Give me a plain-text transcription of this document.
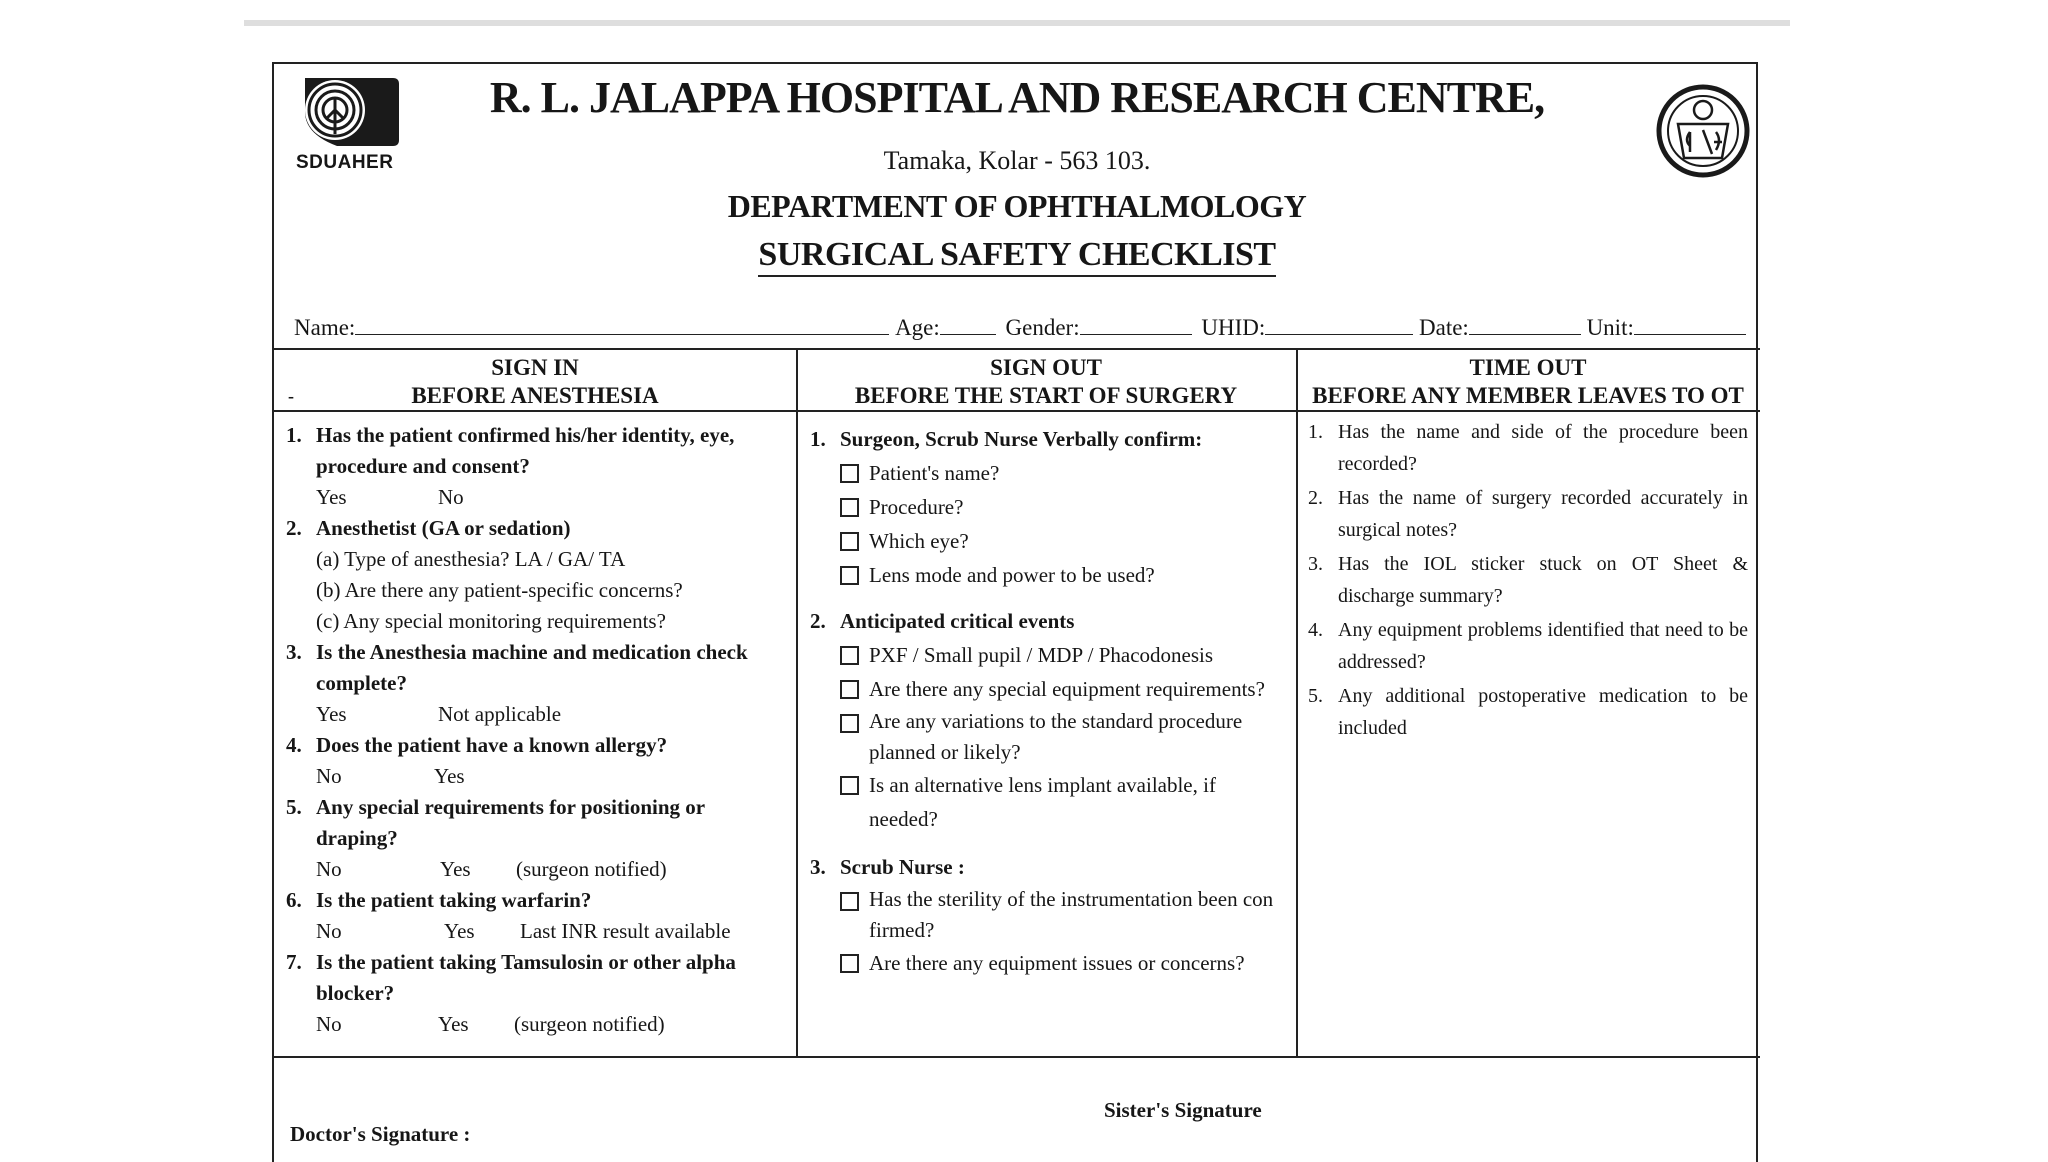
SDUAHER
R. L. JALAPPA HOSPITAL AND RESEARCH CENTRE,
Tamaka, Kolar - 563 103.
DEPARTMENT OF OPHTHALMOLOGY
SURGICAL SAFETY CHECKLIST
Name:	Age:	Gender:	UHID:	Date:	Unit:
SIGN IN
BEFORE ANESTHESIA
-
SIGN OUT
BEFORE THE START OF SURGERY
TIME OUT
BEFORE ANY MEMBER LEAVES TO OT
1. Has the patient confirmed his/her identity, eye, procedure and consent?
Yes	No
2. Anesthetist (GA or sedation)
(a) Type of anesthesia? LA / GA/ TA
(b) Are there any patient-specific concerns?
(c) Any special monitoring requirements?
3. Is the Anesthesia machine and medication check complete?
Yes	Not applicable
4. Does the patient have a known allergy?
No	Yes
5. Any special requirements for positioning or draping?
No	Yes (surgeon notified)
6. Is the patient taking warfarin?
No	Yes Last INR result available
7. Is the patient taking Tamsulosin or other alpha blocker?
No	Yes (surgeon notified)
1. Surgeon, Scrub Nurse Verbally confirm:
Patient's name?
Procedure?
Which eye?
Lens mode and power to be used?
2. Anticipated critical events
PXF / Small pupil / MDP / Phacodonesis
Are there any special equipment requirements?
Are any variations to the standard procedure planned or likely?
Is an alternative lens implant available, if needed?
3. Scrub Nurse :
Has the sterility of the instrumentation been con firmed?
Are there any equipment issues or concerns?
1. Has the name and side of the procedure been recorded?
2. Has the name of surgery recorded accurately in surgical notes?
3. Has the IOL sticker stuck on OT Sheet & discharge summary?
4. Any equipment problems identified that need to be addressed?
5. Any additional postoperative medication to be included
Sister's Signature
Doctor's Signature :
